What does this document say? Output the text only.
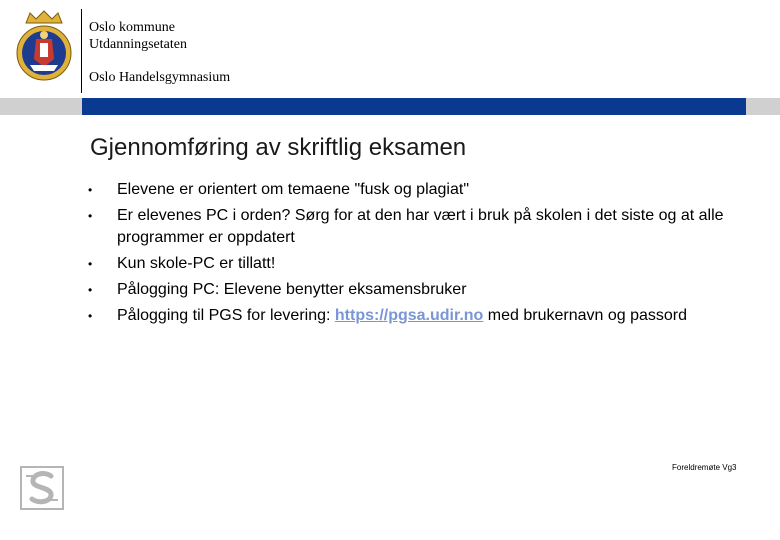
Oslo kommune
Utdanningsetaten
Oslo Handelsgymnasium
Gjennomføring av skriftlig eksamen
• Elevene er orientert om temaene "fusk og plagiat"
• Er elevenes PC i orden? Sørg for at den har vært i bruk på skolen i det siste og at alle programmer er oppdatert
• Kun skole-PC er tillatt!
• Pålogging PC: Elevene benytter eksamensbruker
• Pålogging til PGS for levering: https://pgsa.udir.no med brukernavn og passord
Foreldremøte Vg3
